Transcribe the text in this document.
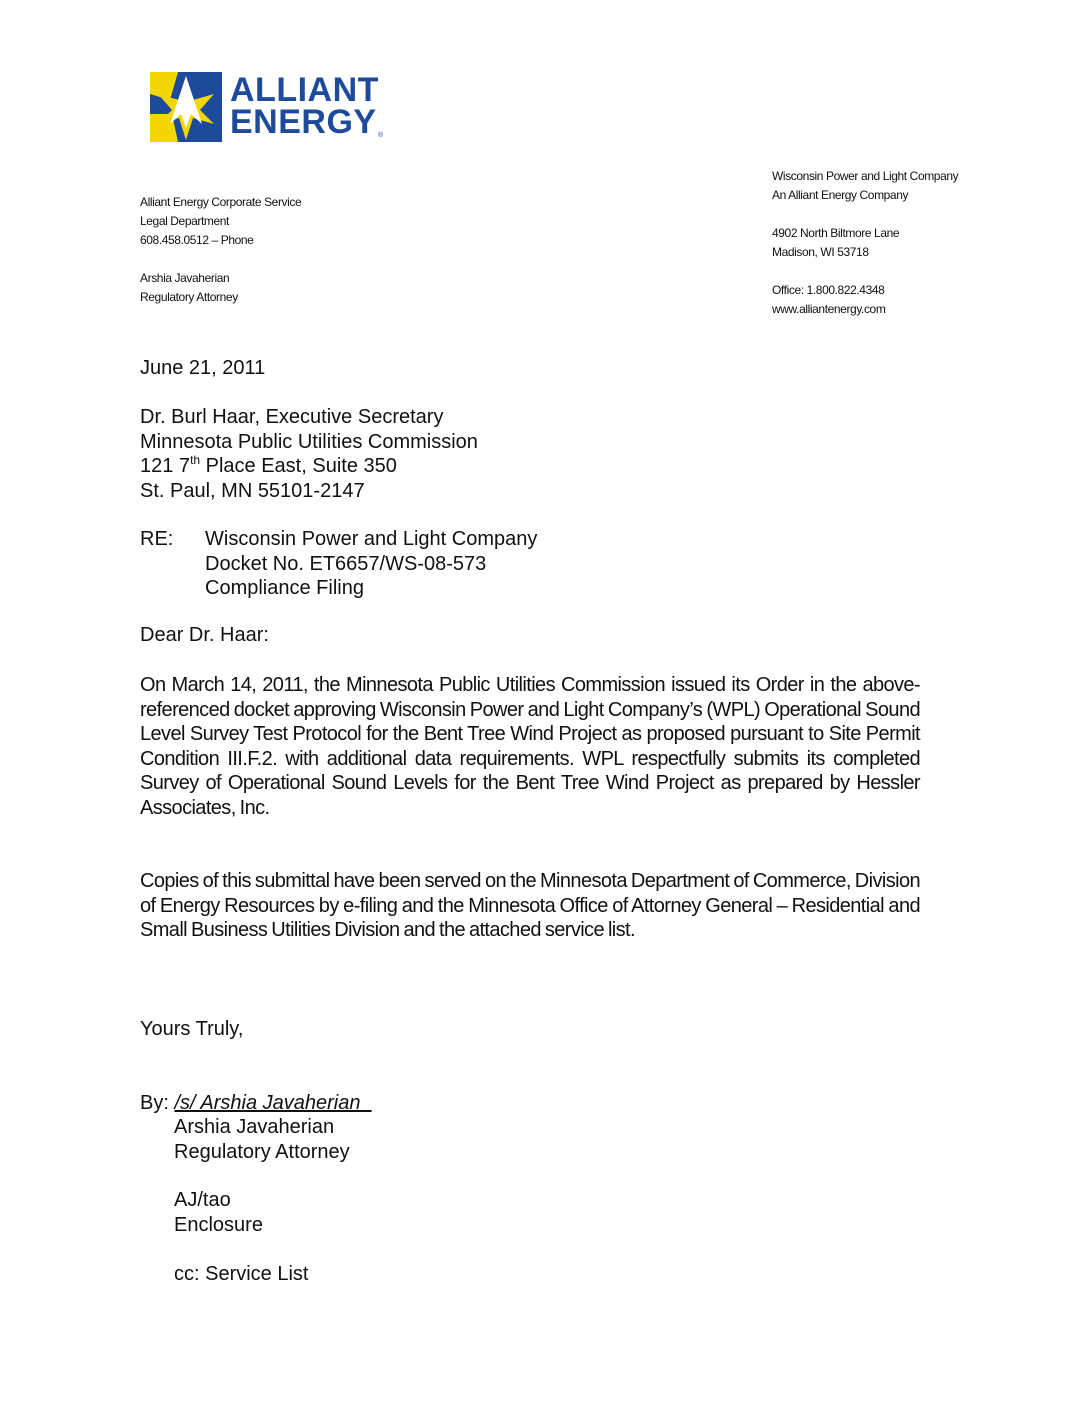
ALLIANT
ENERGY ®
Alliant Energy Corporate Service
Legal Department
608.458.0512 – Phone
Arshia Javaherian
Regulatory Attorney
Wisconsin Power and Light Company
An Alliant Energy Company
4902 North Biltmore Lane
Madison, WI 53718
Office: 1.800.822.4348
www.alliantenergy.com
June 21, 2011
Dr. Burl Haar, Executive Secretary
Minnesota Public Utilities Commission
121 7th Place East, Suite 350
St. Paul, MN 55101-2147
RE: Wisconsin Power and Light Company
Docket No. ET6657/WS-08-573
Compliance Filing
Dear Dr. Haar:
On March 14, 2011, the Minnesota Public Utilities Commission issued its Order in the above-referenced docket approving Wisconsin Power and Light Company’s (WPL) Operational Sound Level Survey Test Protocol for the Bent Tree Wind Project as proposed pursuant to Site Permit Condition III.F.2. with additional data requirements. WPL respectfully submits its completed Survey of Operational Sound Levels for the Bent Tree Wind Project as prepared by Hessler Associates, Inc.
Copies of this submittal have been served on the Minnesota Department of Commerce, Division of Energy Resources by e-filing and the Minnesota Office of Attorney General – Residential and Small Business Utilities Division and the attached service list.
Yours Truly,
By: /s/ Arshia Javaherian
Arshia Javaherian
Regulatory Attorney
AJ/tao
Enclosure
cc: Service List
